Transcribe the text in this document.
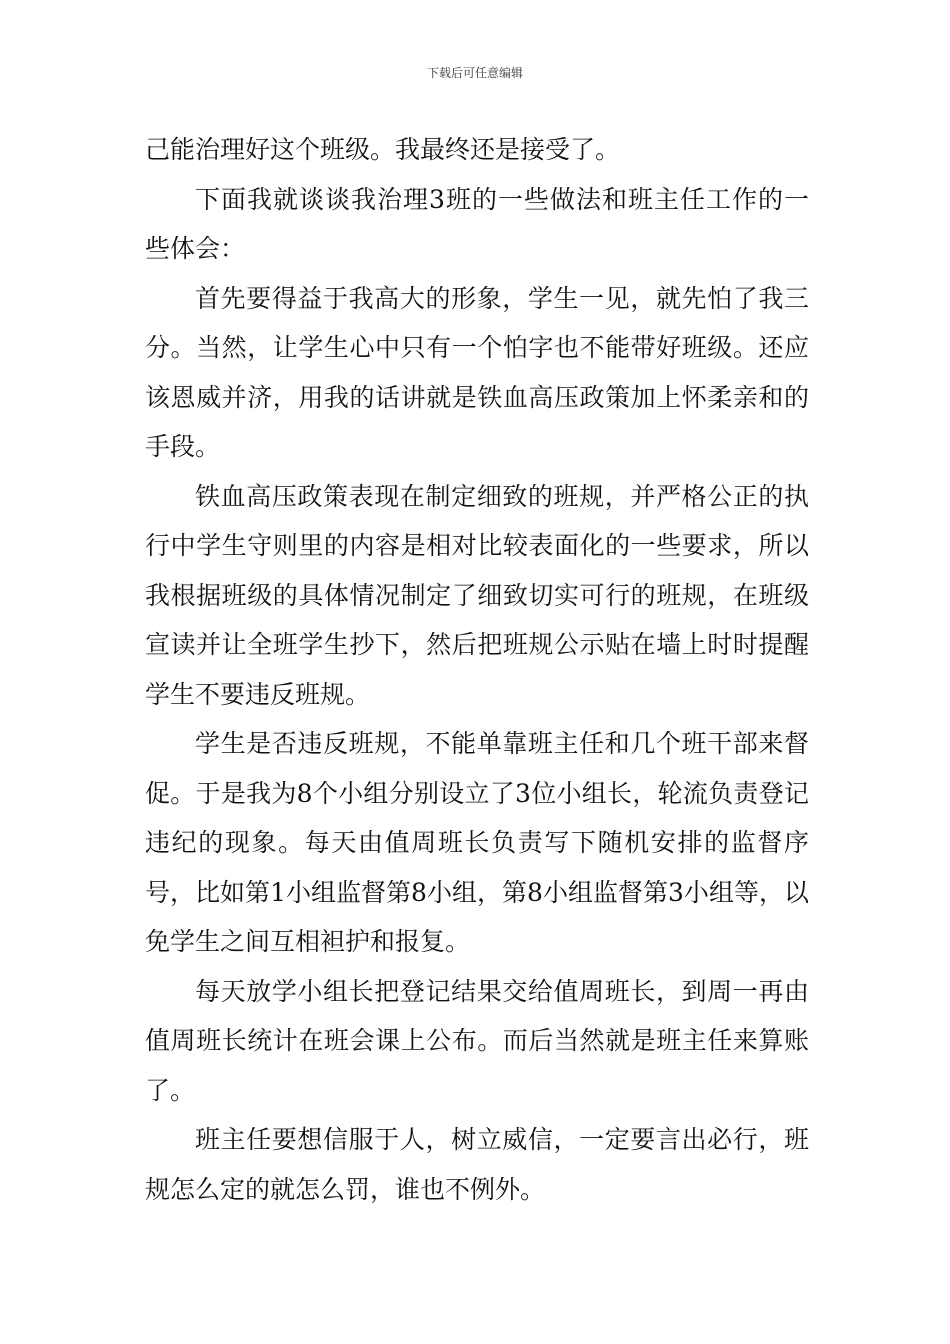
下载后可任意编辑

己能治理好这个班级。我最终还是接受了。

下面我就谈谈我治理3班的一些做法和班主任工作的一些体会：

首先要得益于我高大的形象，学生一见，就先怕了我三分。当然，让学生心中只有一个怕字也不能带好班级。还应该恩威并济，用我的话讲就是铁血高压政策加上怀柔亲和的手段。

铁血高压政策表现在制定细致的班规，并严格公正的执行中学生守则里的内容是相对比较表面化的一些要求，所以我根据班级的具体情况制定了细致切实可行的班规，在班级宣读并让全班学生抄下，然后把班规公示贴在墙上时时提醒学生不要违反班规。

学生是否违反班规，不能单靠班主任和几个班干部来督促。于是我为8个小组分别设立了3位小组长，轮流负责登记违纪的现象。每天由值周班长负责写下随机安排的监督序号，比如第1小组监督第8小组，第8小组监督第3小组等，以免学生之间互相袒护和报复。

每天放学小组长把登记结果交给值周班长，到周一再由值周班长统计在班会课上公布。而后当然就是班主任来算账了。

班主任要想信服于人，树立威信，一定要言出必行，班规怎么定的就怎么罚，谁也不例外。
